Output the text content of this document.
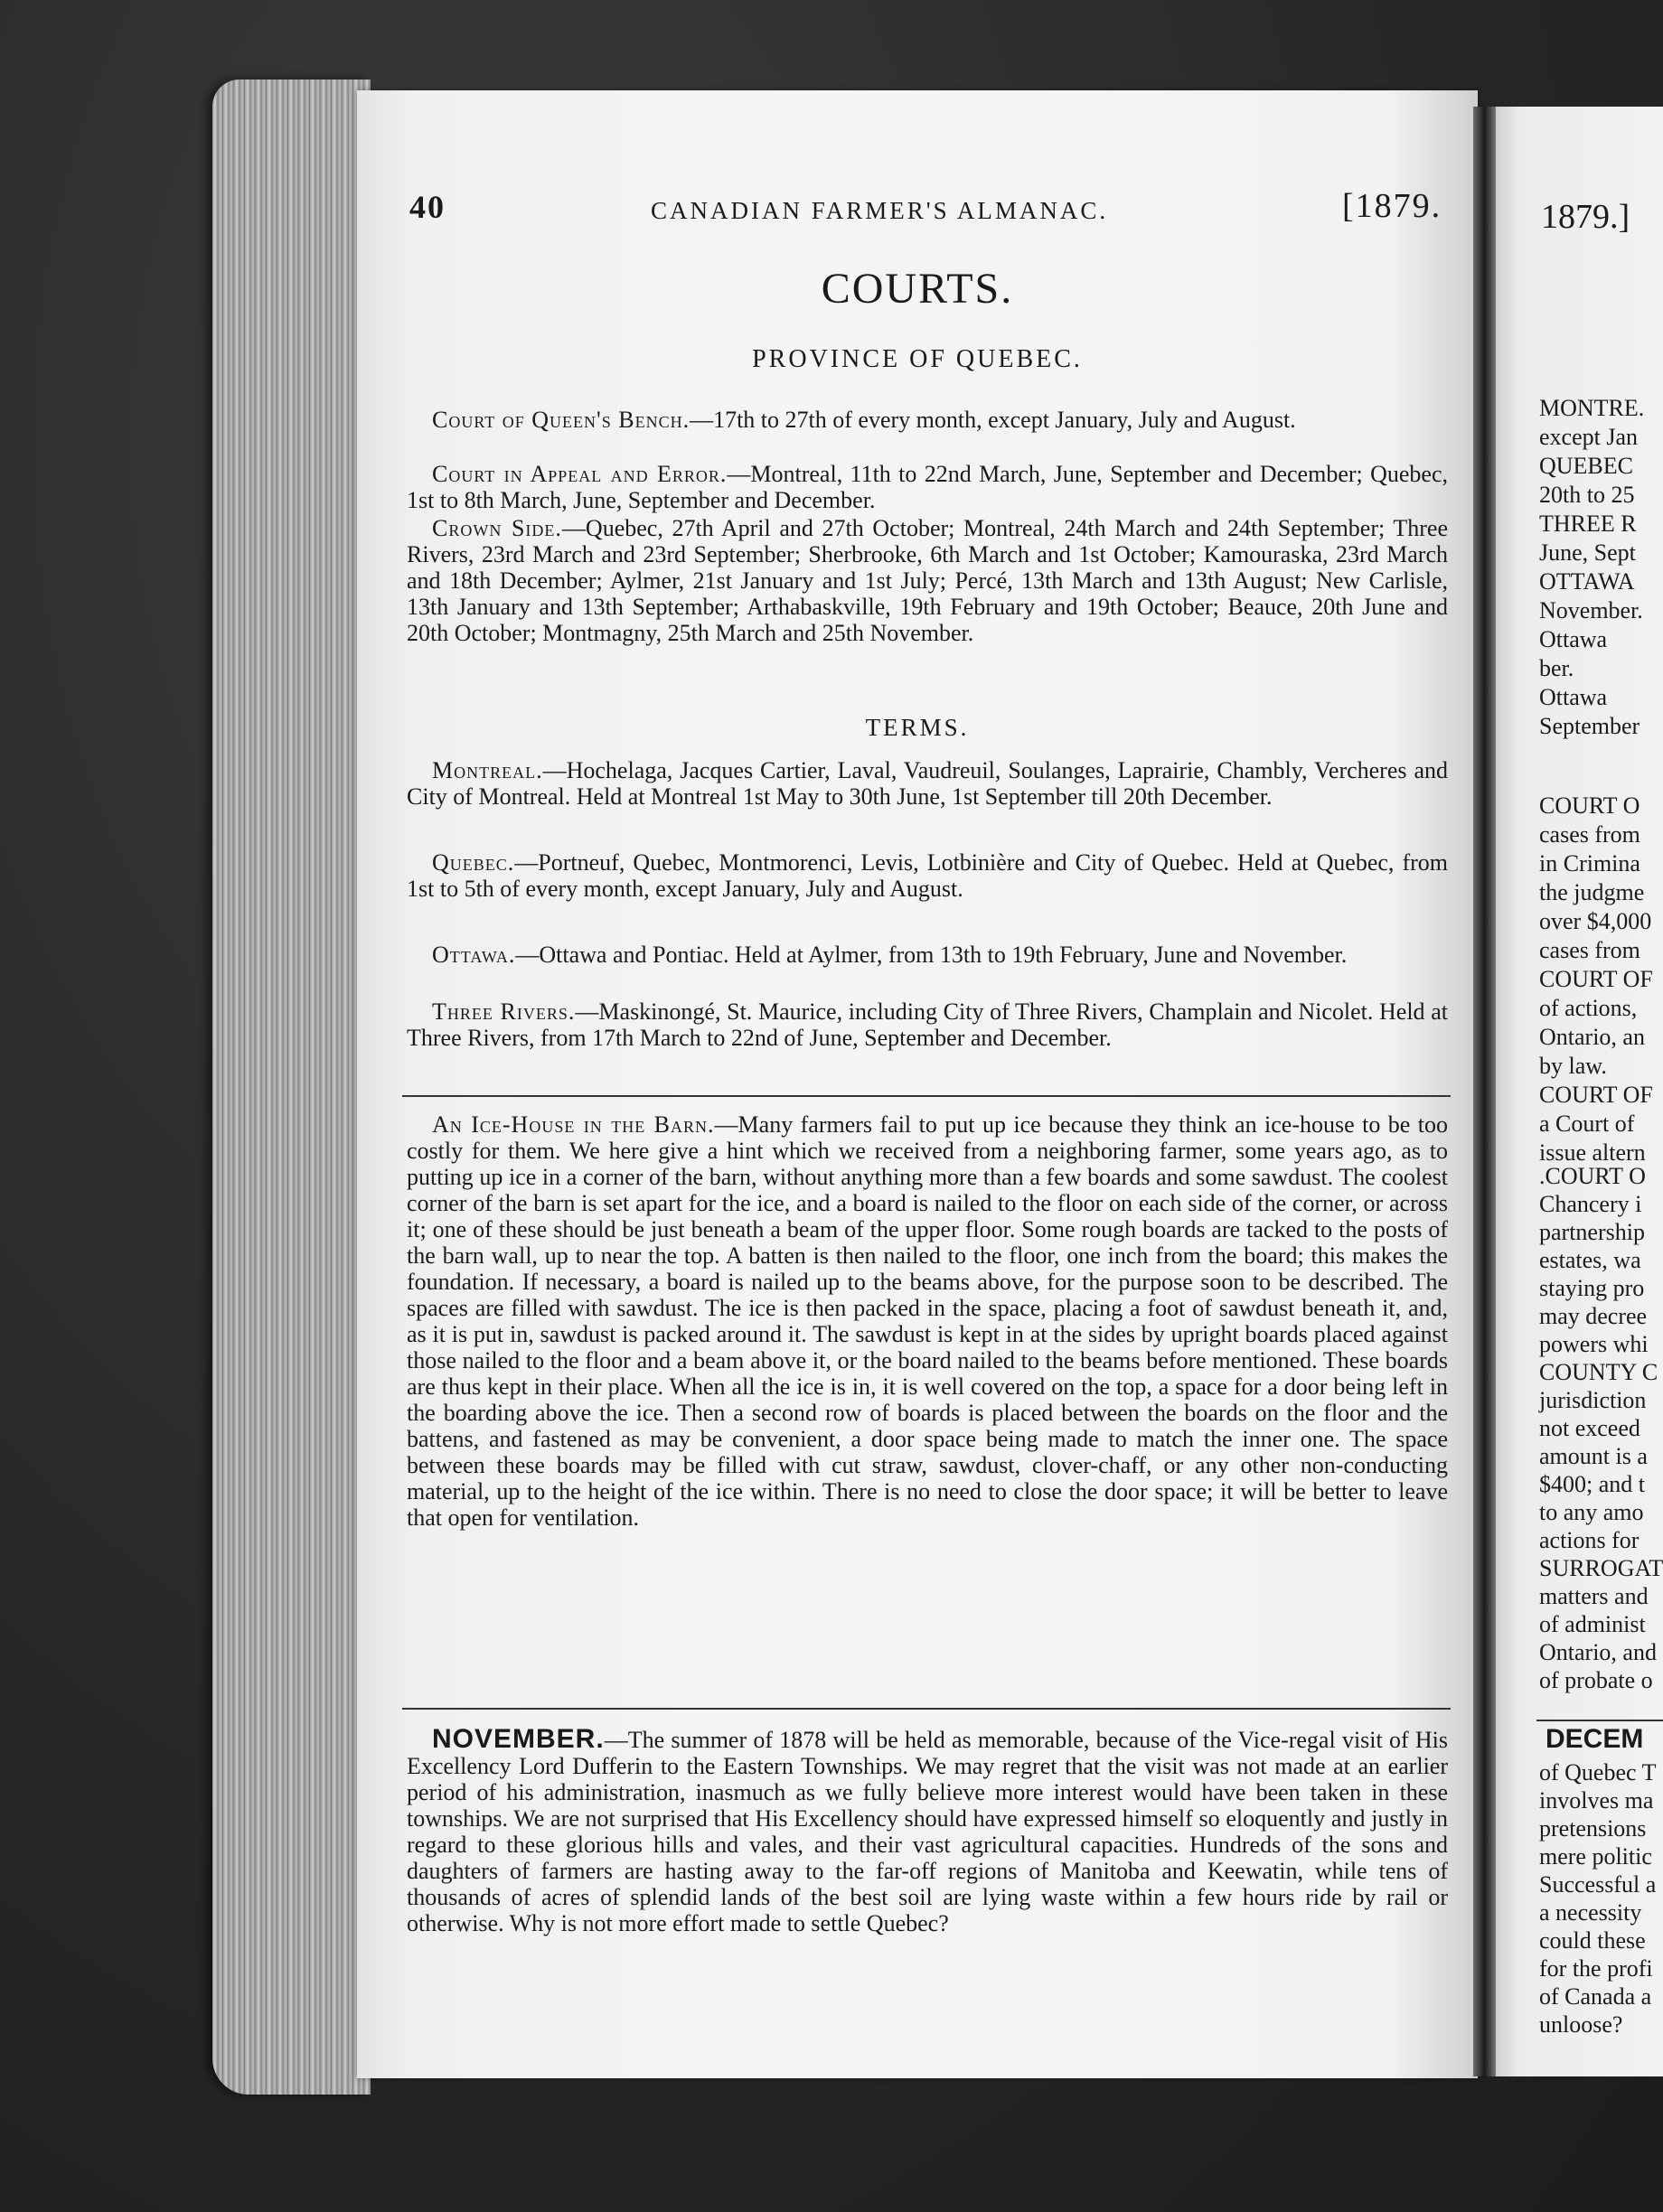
40	CANADIAN FARMER'S ALMANAC.	[1879.
COURTS.
PROVINCE OF QUEBEC.

Court of Queen's Bench.—17th to 27th of every month, except January, July and August.

Court in Appeal and Error.—Montreal, 11th to 22nd March, June, September and December; Quebec, 1st to 8th March, June, September and December.

Crown Side.—Quebec, 27th April and 27th October; Montreal, 24th March and 24th September; Three Rivers, 23rd March and 23rd September; Sherbrooke, 6th March and 1st October; Kamouraska, 23rd March and 18th December; Aylmer, 21st January and 1st July; Percé, 13th March and 13th August; New Carlisle, 13th January and 13th September; Arthabaskville, 19th February and 19th October; Beauce, 20th June and 20th October; Montmagny, 25th March and 25th November.

TERMS.

Montreal.—Hochelaga, Jacques Cartier, Laval, Vaudreuil, Soulanges, Laprairie, Chambly, Vercheres and City of Montreal. Held at Montreal 1st May to 30th June, 1st September till 20th December.

Quebec.—Portneuf, Quebec, Montmorenci, Levis, Lotbinière and City of Quebec. Held at Quebec, from 1st to 5th of every month, except January, July and August.

Ottawa.—Ottawa and Pontiac. Held at Aylmer, from 13th to 19th February, June and November.

Three Rivers.—Maskinongé, St. Maurice, including City of Three Rivers, Champlain and Nicolet. Held at Three Rivers, from 17th March to 22nd of June, September and December.

An Ice-House in the Barn.—Many farmers fail to put up ice because they think an ice-house to be too costly for them. We here give a hint which we received from a neighboring farmer, some years ago, as to putting up ice in a corner of the barn, without anything more than a few boards and some sawdust. The coolest corner of the barn is set apart for the ice, and a board is nailed to the floor on each side of the corner, or across it; one of these should be just beneath a beam of the upper floor. Some rough boards are tacked to the posts of the barn wall, up to near the top. A batten is then nailed to the floor, one inch from the board; this makes the foundation. If necessary, a board is nailed up to the beams above, for the purpose soon to be described. The spaces are filled with sawdust. The ice is then packed in the space, placing a foot of sawdust beneath it, and, as it is put in, sawdust is packed around it. The sawdust is kept in at the sides by upright boards placed against those nailed to the floor and a beam above it, or the board nailed to the beams before mentioned. These boards are thus kept in their place. When all the ice is in, it is well covered on the top, a space for a door being left in the boarding above the ice. Then a second row of boards is placed between the boards on the floor and the battens, and fastened as may be convenient, a door space being made to match the inner one. The space between these boards may be filled with cut straw, sawdust, clover-chaff, or any other non-conducting material, up to the height of the ice within. There is no need to close the door space; it will be better to leave that open for ventilation.

NOVEMBER.—The summer of 1878 will be held as memorable, because of the Vice-regal visit of His Excellency Lord Dufferin to the Eastern Townships. We may regret that the visit was not made at an earlier period of his administration, inasmuch as we fully believe more interest would have been taken in these townships. We are not surprised that His Excellency should have expressed himself so eloquently and justly in regard to these glorious hills and vales, and their vast agricultural capacities. Hundreds of the sons and daughters of farmers are hasting away to the far-off regions of Manitoba and Keewatin, while tens of thousands of acres of splendid lands of the best soil are lying waste within a few hours ride by rail or otherwise. Why is not more effort made to settle Quebec?

1879.]
MONTRE.
except Jan
QUEBEC
20th to 25
THREE R
June, Sept
OTTAWA
November.
Ottawa
ber.
Ottawa
September
COURT O
cases from
in Crimina
the judgme
over $4,000
cases from
COURT OF
of actions,
Ontario, an
by law.
COURT OF
a Court of
issue altern
.COURT O
Chancery i
partnership
estates, wa
staying pro
may decree
powers whi
COUNTY C
jurisdiction
not exceed
amount is a
$400; and t
to any amo
actions for
SURROGAT
matters and
of administ
Ontario, and
of probate o
DECEM
of Quebec T
involves ma
pretensions
mere politic
Successful a
a necessity
could these
for the profi
of Canada a
unloose?
